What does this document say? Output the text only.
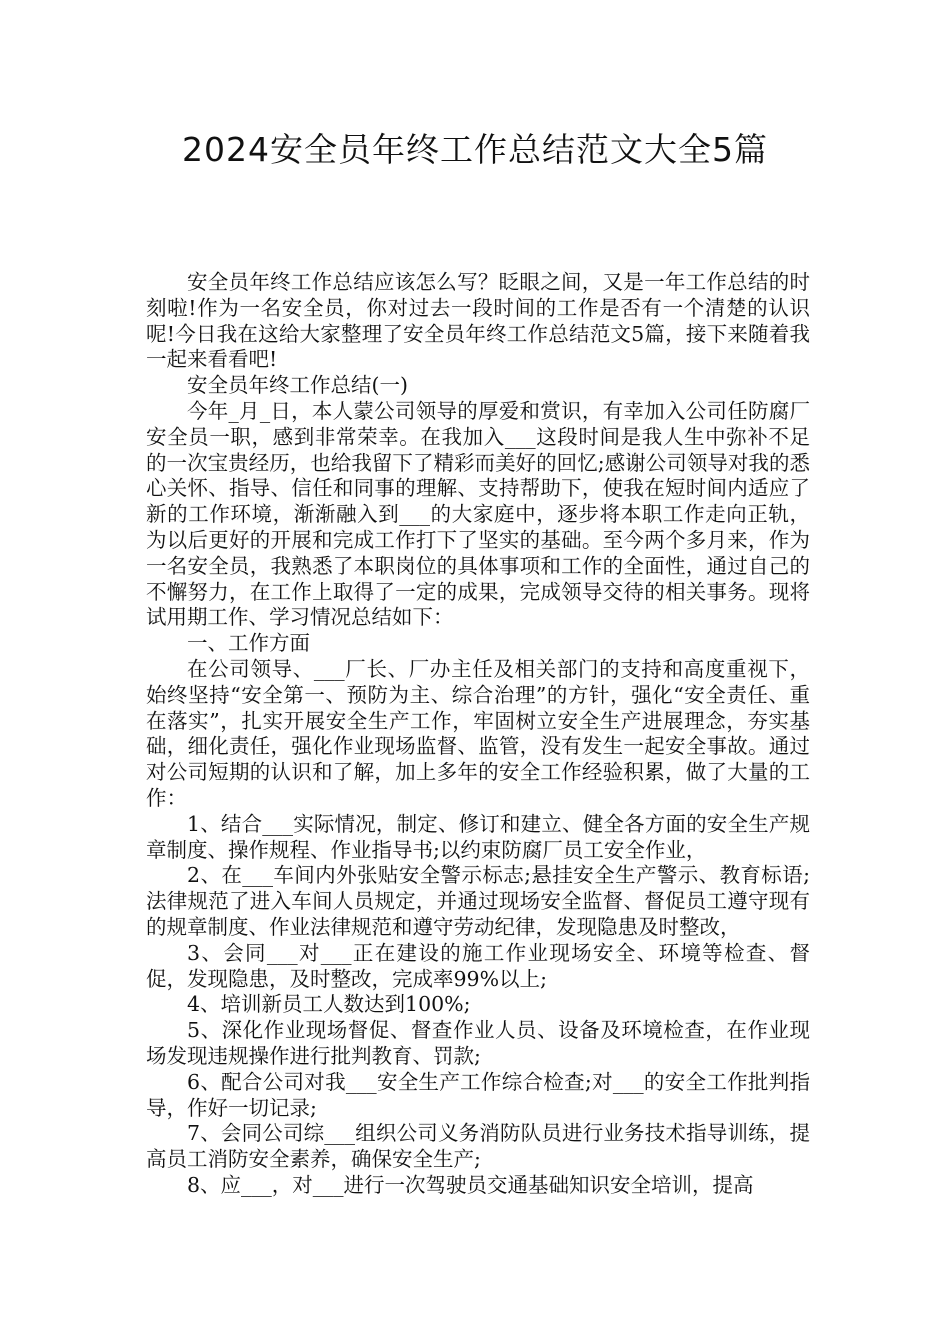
2024安全员年终工作总结范文大全5篇

安全员年终工作总结应该怎么写？眨眼之间，又是一年工作总结的时刻啦!作为一名安全员，你对过去一段时间的工作是否有一个清楚的认识呢!今日我在这给大家整理了安全员年终工作总结范文5篇，接下来随着我一起来看看吧!

安全员年终工作总结(一)

今年_月_日，本人蒙公司领导的厚爱和赏识，有幸加入公司任防腐厂安全员一职，感到非常荣幸。在我加入___这段时间是我人生中弥补不足的一次宝贵经历，也给我留下了精彩而美好的回忆;感谢公司领导对我的悉心关怀、指导、信任和同事的理解、支持帮助下，使我在短时间内适应了新的工作环境，渐渐融入到___的大家庭中，逐步将本职工作走向正轨，为以后更好的开展和完成工作打下了坚实的基础。至今两个多月来，作为一名安全员，我熟悉了本职岗位的具体事项和工作的全面性，通过自己的不懈努力，在工作上取得了一定的成果，完成领导交待的相关事务。现将试用期工作、学习情况总结如下：

一、工作方面

在公司领导、___厂长、厂办主任及相关部门的支持和高度重视下，始终坚持“安全第一、预防为主、综合治理”的方针，强化“安全责任、重在落实”，扎实开展安全生产工作，牢固树立安全生产进展理念，夯实基础，细化责任，强化作业现场监督、监管，没有发生一起安全事故。通过对公司短期的认识和了解，加上多年的安全工作经验积累，做了大量的工作：

1、结合___实际情况，制定、修订和建立、健全各方面的安全生产规章制度、操作规程、作业指导书;以约束防腐厂员工安全作业，

2、在___车间内外张贴安全警示标志;悬挂安全生产警示、教育标语;法律规范了进入车间人员规定，并通过现场安全监督、督促员工遵守现有的规章制度、作业法律规范和遵守劳动纪律，发现隐患及时整改，

3、会同___对___正在建设的施工作业现场安全、环境等检查、督促，发现隐患，及时整改，完成率99%以上;

4、培训新员工人数达到100%;

5、深化作业现场督促、督查作业人员、设备及环境检查，在作业现场发现违规操作进行批判教育、罚款;

6、配合公司对我___安全生产工作综合检查;对___的安全工作批判指导，作好一切记录;

7、会同公司综___组织公司义务消防队员进行业务技术指导训练，提高员工消防安全素养，确保安全生产;

8、应___，对___进行一次驾驶员交通基础知识安全培训，提高
